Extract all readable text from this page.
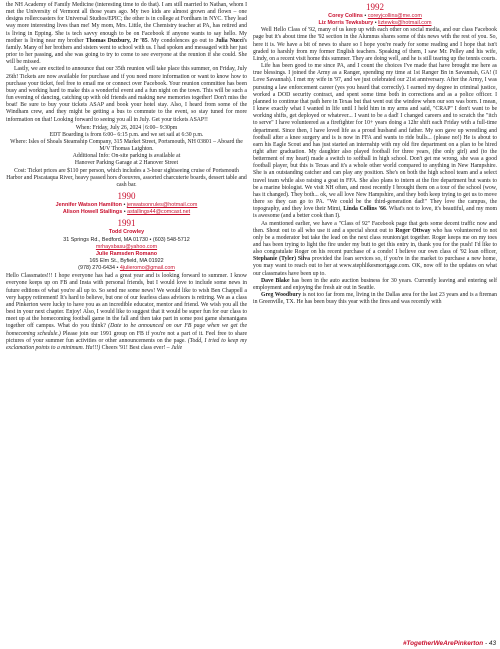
the NH Academy of Family Medicine (interesting time to do that). I am still married to Nathan, whom I met the University of Vermont all those years ago. My two kids are almost grown and flown – one designs rollercoasters for Universal Studios/EPIC; the other is in college at Fordham in NYC. They lead way more interesting lives than me! My mom, Mrs. Little, the Chemistry teacher at PA, has retired and is living in Epping. She is tech savvy enough to be on Facebook if anyone wants to say hello. My mother is living near my brother Thomas Duxbury, Jr '85. My condolences go out to Julia Nucci's family. Many of her brothers and sisters went to school with us. I had spoken and messaged with her just prior to her passing, and she was going to try to come to see everyone at the reunion if she could. She will be missed.

Lastly, we are excited to announce that our 35th reunion will take place this summer, on Friday, July 26th! Tickets are now available for purchase and if you need more information or want to know how to purchase your ticket, feel free to email me or connect over Facebook. Your reunion committee has been busy and working hard to make this a wonderful event and a fun night on the town. This will be such a fun evening of dancing, catching up with old friends and making new memories together! Don't miss the boat! Be sure to buy your tickets ASAP and book your hotel stay. Also, I heard from some of the Windham crew, and they might be getting a bus to commute to the event, so stay tuned for more information on that! Looking forward to seeing you all in July. Get your tickets ASAP!!

When: Friday, July 26, 2024 | 6:00– 9:30pm

EDT Boarding is from 6:00– 6:15 p.m. and we set sail at 6:30 p.m.

Where: Isles of Shoals Steamship Company, 315 Market Street, Portsmouth, NH 03801 – Aboard the M/V Thomas Laighton.

Additional Info: On-site parking is available at

Hanover Parking Garage at 2 Hanover Street

Cost: Ticket prices are $110 per person, which includes a 3-hour sightseeing cruise of Portsmouth Harbor and Piscataqua River, heavy passed hors d'oeuvres, assorted charcuterie boards, dessert table and cash bar.

1990
Jennifer Watson Hamilton • jenwatsonrules@hotmail.com
Alison Howell Stallings • astallings44@comcast.net
1991
Todd Crowley
31 Springs Rd., Bedford, MA 01730 • (603) 548-5712
mrhaysbasu@yahoo.com
Julie Ramsden Romano
165 Elm St., Byfield, MA 01922
(978) 270-6434 • 4julieromo@gmail.com

Hello Classmates!!! I hope everyone has had a great year and is looking forward to summer. I know everyone keeps up on FB and Insta with personal friends, but I would love to include some news in future editions of what you're all up to. So send me some news! We would like to wish Ben Chappell a very happy retirement! It's hard to believe, but one of our fearless class advisors is retiring. We as a class and Pinkerton were lucky to have you as an incredible educator, mentor and friend. We wish you all the best in your next chapter. Enjoy! Also, I would like to suggest that it would be super fun for our class to meet up at the homecoming football game in the fall and then take part in some post game shenanigans together off campus. What do you think? (Date to be announced on our FB page when we get the homecoming schedule.) Please join our 1991 group on FB if you're not a part of it. Feel free to share pictures of your summer fun activities or other announcements on the page. (Todd, I tried to keep my exclamation points to a minimum. Ha!!!) Cheers '91! Best class ever! – Julie

1992
Corey Collins • coreyjcollins@me.com
Liz Morris Tewksbury • liztewks@hotmail.com

Well Hello Class of '92, many of us keep up with each other on social media, and our class Facebook page but it's about time the '92 section in the Alumnus shares some of this news with the rest of you. So, here it is. We have a bit of news to share so I hope you're ready for some reading and I hope that isn't graded to harshly from my former English teachers. Speaking of them, I saw Mr. Pelley and his wife, Lindy, on a recent visit home this summer. They are doing well, and he is still tearing up the tennis courts.

Life has been good to me since PA, and I count the choices I've made that have brought me here as true blessings. I joined the Army as a Ranger, spending my time at 1st Ranger Bn in Savannah, GA! (I Love Savannah). I met my wife in '97, and we just celebrated our 21st anniversary. After the Army, I was pursuing a law enforcement career (yes you heard that correctly). I earned my degree in criminal justice, worked a DOD security contract, and spent some time both in corrections and as a police officer. I planned to continue that path here in Texas but that went out the window when our son was born. I mean, I knew exactly what I wanted in life until I held him in my arms and said, "CRAP" I don't want to be working shifts, get deployed or whatever... I want to be a dad! I changed careers and to scratch the "itch to serve" I have volunteered as a firefighter for 10+ years doing a 12hr shift each Friday with a full-time department. Since then, I have loved life as a proud husband and father. My son gave up wrestling and football after a knee surgery and is is now in FFA and wants to ride bulls... (please no!) He is about to earn his Eagle Scout and has just started an internship with my old fire department on a plan to be hired right after graduation. My daughter also played football for three years, (the only girl) and (to the betterment of my heart) made a switch to softball in high school. Don't get me wrong, she was a good football player, but this is Texas and it's a whole other world compared to anything in New Hampshire. She is an outstanding catcher and can play any position. She's on both the high school team and a select travel team while also raising a goat in FFA. She also plans to intern at the fire department but wants to be a marine biologist. We visit NH often, and most recently I brought them on a tour of the school (wow, has it changed). They both... ok, we all love New Hampshire, and they both keep trying to get us to move there so they can go to PA. "We could be the third-generation dad!" They love the campus, the topography, and they love their Mimi, Linda Collins '66. What's not to love, it's beautiful, and my mom is awesome (and a better cook than I).

As mentioned earlier, we have a "Class of 92" Facebook page that gets some decent traffic now and then. Shout out to all who use it and a special shout out to Roger Ottway who has volunteered to not only be a moderator but take the lead on the next class reunion/get together. Roger keeps me on my toes and has been trying to light the fire under my butt to get this entry in, thank you for the push! I'd like to also congratulate Roger on his recent purchase of a condo! I believe our own class of '92 loan officer, Stephanie (Tyler) Silva provided the loan services so, if you're in the market to purchase a new home, you may want to reach out to her at www.stephlikesmortgage.com. OK, now off to the updates on what our classmates have been up to.

Dave Blake has been in the auto auction business for 30 years. Currently leaving and entering self employment and enjoying the fresh air out in Seattle.

Greg Woodbury is not too far from me, living in the Dallas area for the last 23 years and is a fireman in Greenville, TX. He has been busy this year with the fires and was recently with

#TogetherWeArePinkerton - 43
